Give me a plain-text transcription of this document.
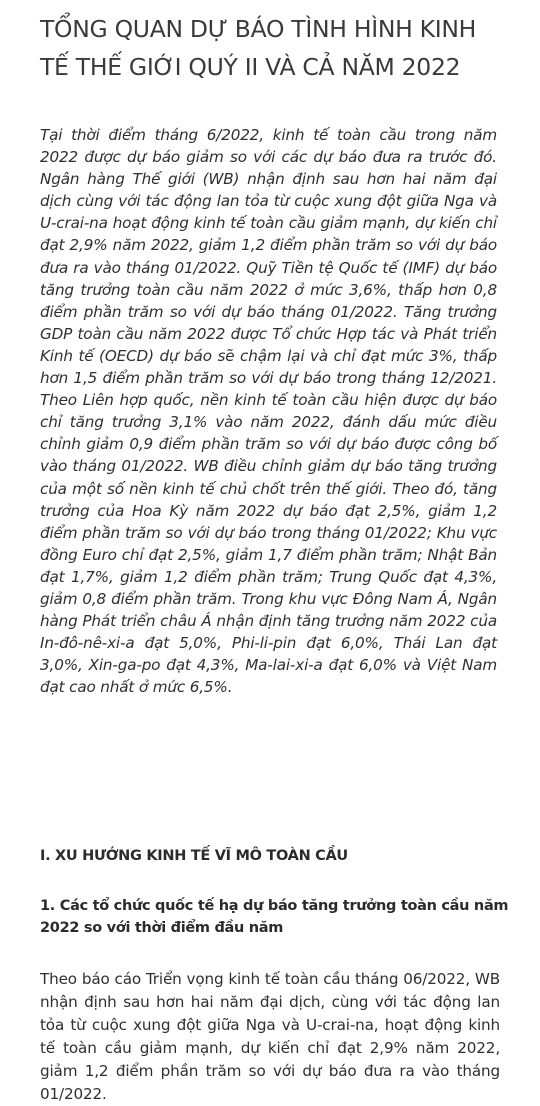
TỔNG QUAN DỰ BÁO TÌNH HÌNH KINH TẾ THẾ GIỚI QUÝ II VÀ CẢ NĂM 2022

Tại thời điểm tháng 6/2022, kinh tế toàn cầu trong năm 2022 được dự báo giảm so với các dự báo đưa ra trước đó. Ngân hàng Thế giới (WB) nhận định sau hơn hai năm đại dịch cùng với tác động lan tỏa từ cuộc xung đột giữa Nga và U-crai-na hoạt động kinh tế toàn cầu giảm mạnh, dự kiến chỉ đạt 2,9% năm 2022, giảm 1,2 điểm phần trăm so với dự báo đưa ra vào tháng 01/2022. Quỹ Tiền tệ Quốc tế (IMF) dự báo tăng trưởng toàn cầu năm 2022 ở mức 3,6%, thấp hơn 0,8 điểm phần trăm so với dự báo tháng 01/2022. Tăng trưởng GDP toàn cầu năm 2022 được Tổ chức Hợp tác và Phát triển Kinh tế (OECD) dự báo sẽ chậm lại và chỉ đạt mức 3%, thấp hơn 1,5 điểm phần trăm so với dự báo trong tháng 12/2021. Theo Liên hợp quốc, nền kinh tế toàn cầu hiện được dự báo chỉ tăng trưởng 3,1% vào năm 2022, đánh dấu mức điều chỉnh giảm 0,9 điểm phần trăm so với dự báo được công bố vào tháng 01/2022. WB điều chỉnh giảm dự báo tăng trưởng của một số nền kinh tế chủ chốt trên thế giới. Theo đó, tăng trưởng của Hoa Kỳ năm 2022 dự báo đạt 2,5%, giảm 1,2 điểm phần trăm so với dự báo trong tháng 01/2022; Khu vực đồng Euro chỉ đạt 2,5%, giảm 1,7 điểm phần trăm; Nhật Bản đạt 1,7%, giảm 1,2 điểm phần trăm; Trung Quốc đạt 4,3%, giảm 0,8 điểm phần trăm. Trong khu vực Đông Nam Á, Ngân hàng Phát triển châu Á nhận định tăng trưởng năm 2022 của In-đô-nê-xi-a đạt 5,0%, Phi-li-pin đạt 6,0%, Thái Lan đạt 3,0%, Xin-ga-po đạt 4,3%, Ma-lai-xi-a đạt 6,0% và Việt Nam đạt cao nhất ở mức 6,5%.

I. XU HƯỚNG KINH TẾ VĨ MÔ TOÀN CẦU
1. Các tổ chức quốc tế hạ dự báo tăng trưởng toàn cầu năm 2022 so với thời điểm đầu năm

Theo báo cáo Triển vọng kinh tế toàn cầu tháng 06/2022, WB nhận định sau hơn hai năm đại dịch, cùng với tác động lan tỏa từ cuộc xung đột giữa Nga và U-crai-na, hoạt động kinh tế toàn cầu giảm mạnh, dự kiến chỉ đạt 2,9% năm 2022, giảm 1,2 điểm phần trăm so với dự báo đưa ra vào tháng 01/2022.
